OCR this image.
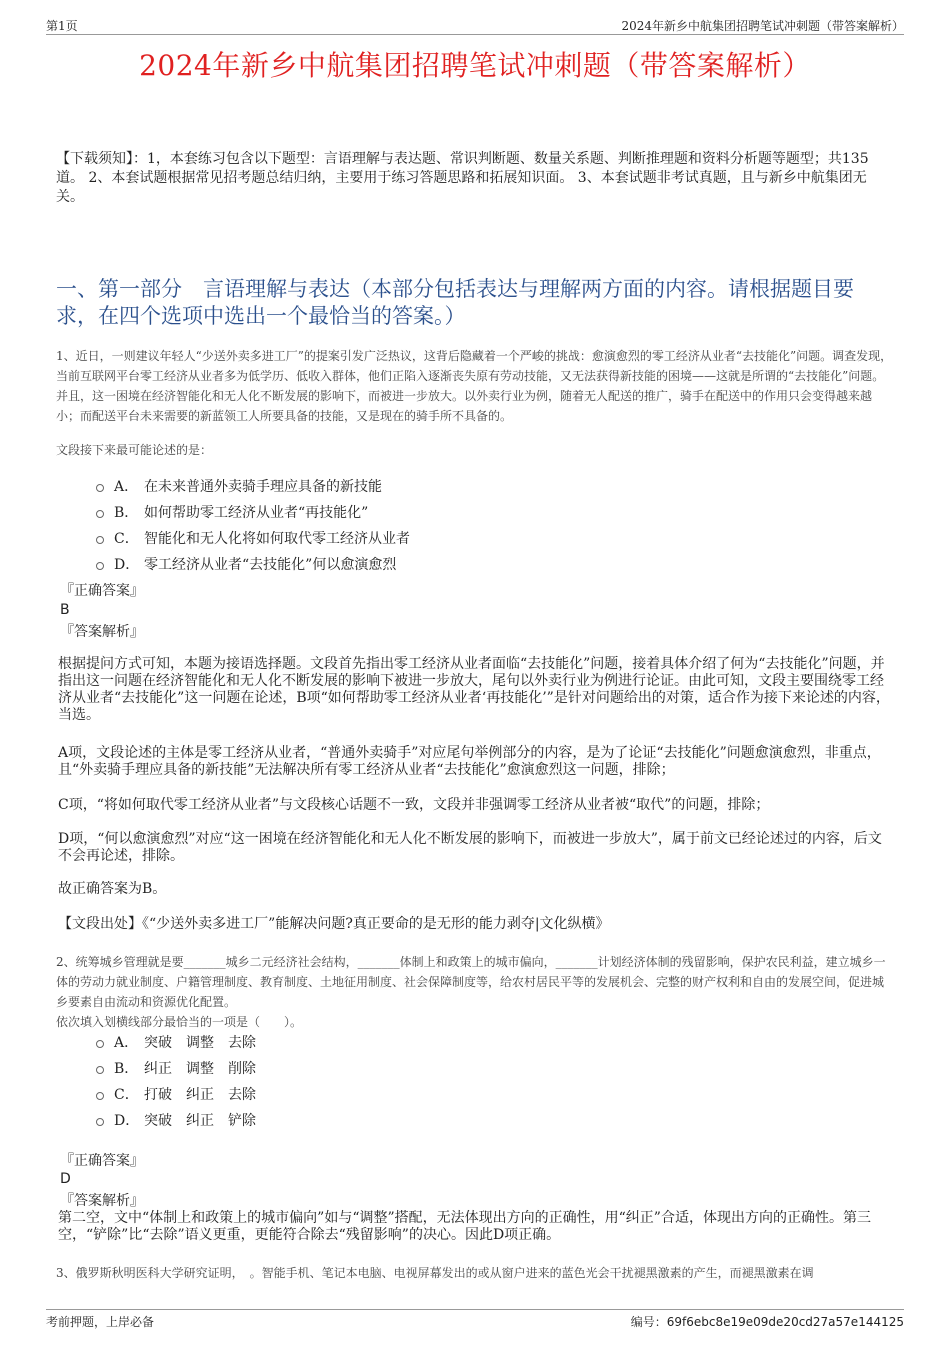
第1页	2024年新乡中航集团招聘笔试冲刺题（带答案解析）
2024年新乡中航集团招聘笔试冲刺题（带答案解析）
【下载须知】：1，本套练习包含以下题型：言语理解与表达题、常识判断题、数量关系题、判断推理题和资料分析题等题型；共135道。 2、本套试题根据常见招考题总结归纳，主要用于练习答题思路和拓展知识面。 3、本套试题非考试真题，且与新乡中航集团无关。
一、第一部分　言语理解与表达（本部分包括表达与理解两方面的内容。请根据题目要求，在四个选项中选出一个最恰当的答案。）
1、近日，一则建议年轻人“少送外卖多进工厂”的提案引发广泛热议，这背后隐藏着一个严峻的挑战：愈演愈烈的零工经济从业者“去技能化”问题。调查发现，当前互联网平台零工经济从业者多为低学历、低收入群体，他们正陷入逐渐丧失原有劳动技能，又无法获得新技能的困境——这就是所谓的“去技能化”问题。并且，这一困境在经济智能化和无人化不断发展的影响下，而被进一步放大。以外卖行业为例，随着无人配送的推广，骑手在配送中的作用只会变得越来越小；而配送平台未来需要的新蓝领工人所要具备的技能，又是现在的骑手所不具备的。
文段接下来最可能论述的是：
A． 在未来普通外卖骑手理应具备的新技能
B． 如何帮助零工经济从业者“再技能化”
C． 智能化和无人化将如何取代零工经济从业者
D． 零工经济从业者“去技能化”何以愈演愈烈
『正确答案』
B
『答案解析』
根据提问方式可知，本题为接语选择题。文段首先指出零工经济从业者面临“去技能化”问题，接着具体介绍了何为“去技能化”问题，并指出这一问题在经济智能化和无人化不断发展的影响下被进一步放大，尾句以外卖行业为例进行论证。由此可知，文段主要围绕零工经济从业者“去技能化”这一问题在论述，B项“如何帮助零工经济从业者‘再技能化’”是针对问题给出的对策，适合作为接下来论述的内容，当选。
A项，文段论述的主体是零工经济从业者，“普通外卖骑手”对应尾句举例部分的内容，是为了论证“去技能化”问题愈演愈烈，非重点，且“外卖骑手理应具备的新技能”无法解决所有零工经济从业者“去技能化”愈演愈烈这一问题，排除；
C项，“将如何取代零工经济从业者”与文段核心话题不一致，文段并非强调零工经济从业者被“取代”的问题，排除；
D项，“何以愈演愈烈”对应“这一困境在经济智能化和无人化不断发展的影响下，而被进一步放大”，属于前文已经论述过的内容，后文不会再论述，排除。
故正确答案为B。
【文段出处】《“少送外卖多进工厂”能解决问题?真正要命的是无形的能力剥夺|文化纵横》
2、统筹城乡管理就是要_______城乡二元经济社会结构，_______体制上和政策上的城市偏向，_______计划经济体制的残留影响，保护农民利益，建立城乡一体的劳动力就业制度、户籍管理制度、教育制度、土地征用制度、社会保障制度等，给农村居民平等的发展机会、完整的财产权利和自由的发展空间，促进城乡要素自由流动和资源优化配置。
依次填入划横线部分最恰当的一项是（　　）。
A． 突破　调整　去除
B． 纠正　调整　削除
C． 打破　纠正　去除
D． 突破　纠正　铲除
『正确答案』
D
『答案解析』
第二空，文中“体制上和政策上的城市偏向”如与“调整”搭配，无法体现出方向的正确性，用“纠正”合适，体现出方向的正确性。第三空，“铲除”比“去除”语义更重，更能符合除去“残留影响”的决心。因此D项正确。
3、俄罗斯秋明医科大学研究证明，　。智能手机、笔记本电脑、电视屏幕发出的或从窗户进来的蓝色光会干扰褪黑激素的产生，而褪黑激素在调
考前押题，上岸必备	编号：69f6ebc8e19e09de20cd27a57e144125
